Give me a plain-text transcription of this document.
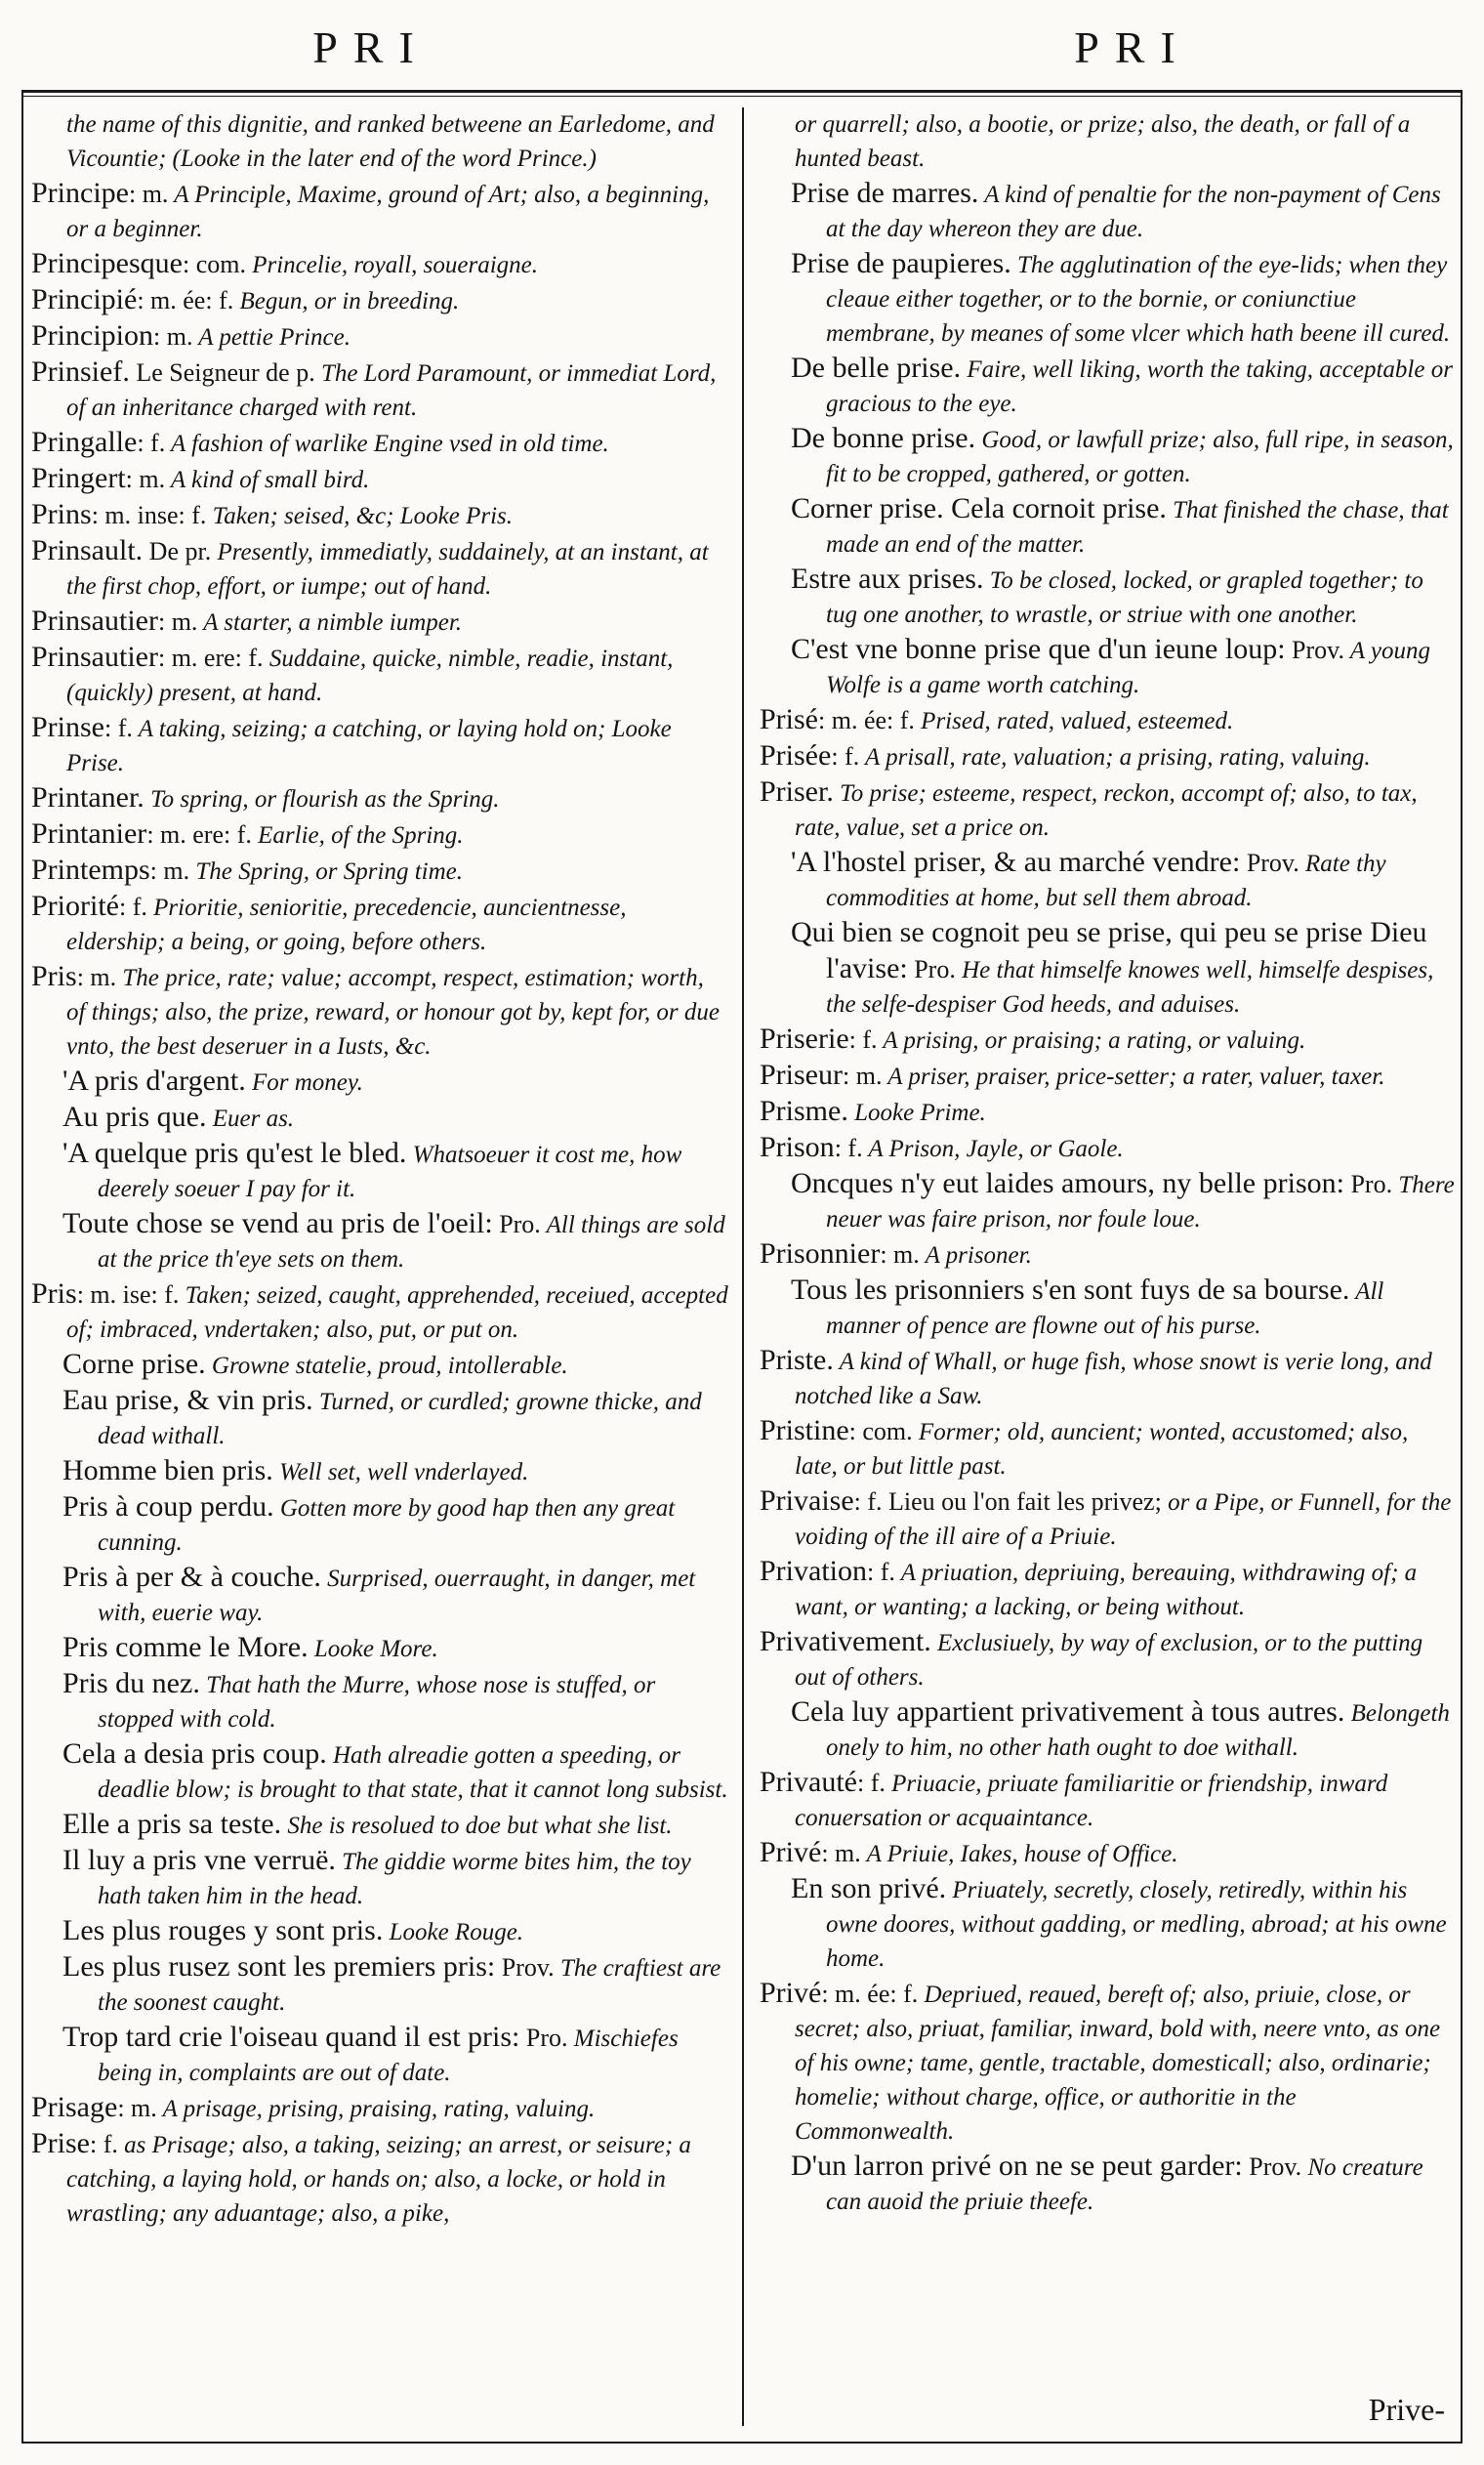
PRI	PRI

the name of this dignitie, and ranked betweene an Earledome, and Vicountie; (Looke in the later end of the word Prince.)

Principe: m. A Principle, Maxime, ground of Art; also, a beginning, or a beginner.

Principesque: com. Princelie, royall, soueraigne.

Principié: m. ée: f. Begun, or in breeding.

Principion: m. A pettie Prince.

Prinsief. Le Seigneur de p. The Lord Paramount, or immediat Lord, of an inheritance charged with rent.

Pringalle: f. A fashion of warlike Engine vsed in old time.

Pringert: m. A kind of small bird.

Prins: m. inse: f. Taken; seised, &c; Looke Pris.

Prinsault. De pr. Presently, immediatly, suddainely, at an instant, at the first chop, effort, or iumpe; out of hand.

Prinsautier: m. A starter, a nimble iumper.

Prinsautier: m. ere: f. Suddaine, quicke, nimble, readie, instant, (quickly) present, at hand.

Prinse: f. A taking, seizing; a catching, or laying hold on; Looke Prise.

Printaner. To spring, or flourish as the Spring.

Printanier: m. ere: f. Earlie, of the Spring.

Printemps: m. The Spring, or Spring time.

Priorité: f. Prioritie, senioritie, precedencie, auncientnesse, eldership; a being, or going, before others.

Pris: m. The price, rate; value; accompt, respect, estimation; worth, of things; also, the prize, reward, or honour got by, kept for, or due vnto, the best deseruer in a Iusts, &c.

'A pris d'argent. For money.

Au pris que. Euer as.

'A quelque pris qu'est le bled. Whatsoeuer it cost me, how deerely soeuer I pay for it.

Toute chose se vend au pris de l'oeil: Pro. All things are sold at the price th'eye sets on them.

Pris: m. ise: f. Taken; seized, caught, apprehended, receiued, accepted of; imbraced, vndertaken; also, put, or put on.

Corne prise. Growne statelie, proud, intollerable.

Eau prise, & vin pris. Turned, or curdled; growne thicke, and dead withall.

Homme bien pris. Well set, well vnderlayed.

Pris à coup perdu. Gotten more by good hap then any great cunning.

Pris à per & à couche. Surprised, ouerraught, in danger, met with, euerie way.

Pris comme le More. Looke More.

Pris du nez. That hath the Murre, whose nose is stuffed, or stopped with cold.

Cela a desia pris coup. Hath alreadie gotten a speeding, or deadlie blow; is brought to that state, that it cannot long subsist.

Elle a pris sa teste. She is resolued to doe but what she list.

Il luy a pris vne verruë. The giddie worme bites him, the toy hath taken him in the head.

Les plus rouges y sont pris. Looke Rouge.

Les plus rusez sont les premiers pris: Prov. The craftiest are the soonest caught.

Trop tard crie l'oiseau quand il est pris: Pro. Mischiefes being in, complaints are out of date.

Prisage: m. A prisage, prising, praising, rating, valuing.

Prise: f. as Prisage; also, a taking, seizing; an arrest, or seisure; a catching, a laying hold, or hands on; also, a locke, or hold in wrastling; any aduantage; also, a pike,

or quarrell; also, a bootie, or prize; also, the death, or fall of a hunted beast.

Prise de marres. A kind of penaltie for the non-payment of Cens at the day whereon they are due.

Prise de paupieres. The agglutination of the eye-lids; when they cleaue either together, or to the bornie, or coniunctiue membrane, by meanes of some vlcer which hath beene ill cured.

De belle prise. Faire, well liking, worth the taking, acceptable or gracious to the eye.

De bonne prise. Good, or lawfull prize; also, full ripe, in season, fit to be cropped, gathered, or gotten.

Corner prise. Cela cornoit prise. That finished the chase, that made an end of the matter.

Estre aux prises. To be closed, locked, or grapled together; to tug one another, to wrastle, or striue with one another.

C'est vne bonne prise que d'un ieune loup: Prov. A young Wolfe is a game worth catching.

Prisé: m. ée: f. Prised, rated, valued, esteemed.

Prisée: f. A prisall, rate, valuation; a prising, rating, valuing.

Priser. To prise; esteeme, respect, reckon, accompt of; also, to tax, rate, value, set a price on.

'A l'hostel priser, & au marché vendre: Prov. Rate thy commodities at home, but sell them abroad.

Qui bien se cognoit peu se prise, qui peu se prise Dieu l'avise: Pro. He that himselfe knowes well, himselfe despises, the selfe-despiser God heeds, and aduises.

Priserie: f. A prising, or praising; a rating, or valuing.

Priseur: m. A priser, praiser, price-setter; a rater, valuer, taxer.

Prisme. Looke Prime.

Prison: f. A Prison, Jayle, or Gaole.

Oncques n'y eut laides amours, ny belle prison: Pro. There neuer was faire prison, nor foule loue.

Prisonnier: m. A prisoner.

Tous les prisonniers s'en sont fuys de sa bourse. All manner of pence are flowne out of his purse.

Priste. A kind of Whall, or huge fish, whose snowt is verie long, and notched like a Saw.

Pristine: com. Former; old, auncient; wonted, accustomed; also, late, or but little past.

Privaise: f. Lieu ou l'on fait les privez; or a Pipe, or Funnell, for the voiding of the ill aire of a Priuie.

Privation: f. A priuation, depriuing, bereauing, withdrawing of; a want, or wanting; a lacking, or being without.

Privativement. Exclusiuely, by way of exclusion, or to the putting out of others.

Cela luy appartient privativement à tous autres. Belongeth onely to him, no other hath ought to doe withall.

Privauté: f. Priuacie, priuate familiaritie or friendship, inward conuersation or acquaintance.

Privé: m. A Priuie, Iakes, house of Office.

En son privé. Priuately, secretly, closely, retiredly, within his owne doores, without gadding, or medling, abroad; at his owne home.

Privé: m. ée: f. Depriued, reaued, bereft of; also, priuie, close, or secret; also, priuat, familiar, inward, bold with, neere vnto, as one of his owne; tame, gentle, tractable, domesticall; also, ordinarie; homelie; without charge, office, or authoritie in the Commonwealth.

D'un larron privé on ne se peut garder: Prov. No creature can auoid the priuie theefe.

Prive-
